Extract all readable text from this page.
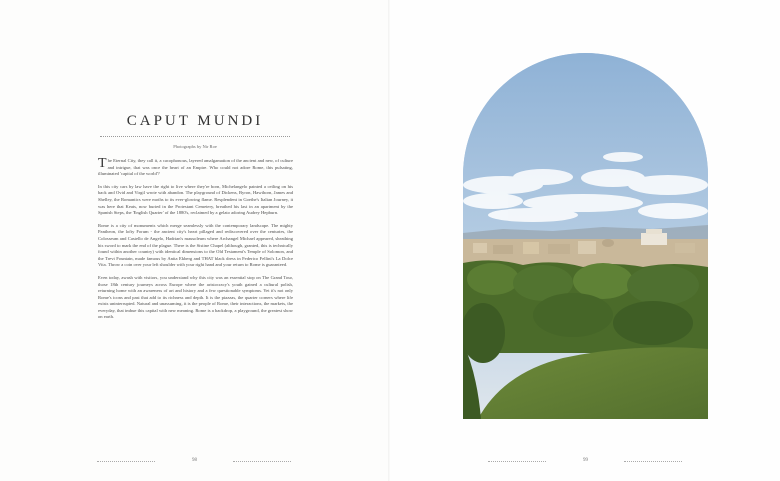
CAPUT MUNDI
Photographs by Nir Roe

The Eternal City, they call it, a cacophonous, layered amalgamation of the ancient and new, of culture and intrigue, that was once the heart of an Empire. Who could not adore Rome, this pulsating, illuminated 'capital of the world'?

In this city cars by law have the right to live where they're born, Michelangelo painted a ceiling on his back and Ovid and Virgil wrote with abandon. The playground of Dickens, Byron, Hawthorn, James and Shelley, the Romantics were moths to its ever-glowing flame. Resplendent in Goethe's Italian Journey, it was here that Keats, now buried in the Protestant Cemetery, breathed his last in an apartment by the Spanish Steps, the 'English Quarter' of the 1880's, reclaimed by a gelato adoring Audrey Hepburn.

Rome is a city of monuments which merge seamlessly with the contemporary landscape. The mighty Pantheon, the lofty Forum - the ancient city's heart pillaged and rediscovered over the centuries, the Colosseum and Castello de Angelo, Hadrian's mausoleum where Archangel Michael appeared, sheathing his sword to mark the end of the plague. There is the Sistine Chapel (although, granted, this is technically found within another country) with identical dimensions to the Old Testament's Temple of Solomon, and the Trevi Fountain, made famous by Anita Ekberg and THAT black dress in Federico Fellini's La Dolce Vita. Throw a coin over your left shoulder with your right hand and your return to Rome is guaranteed.

Even today, awash with visitors, you understand why this city was an essential stop on The Grand Tour, those 18th century journeys across Europe where the aristocracy's youth gained a cultural polish, returning home with an awareness of art and history and a few questionable symptoms. Yet it's not only Rome's icons and past that add to its richness and depth. It is the piazzas, the quarter corners where life exists uninterrupted. Natural and unassuming, it is the people of Rome, their interactions, the markets, the everyday, that imbue this capital with new meaning. Rome is a backdrop, a playground, the greatest show on earth.

98	99
